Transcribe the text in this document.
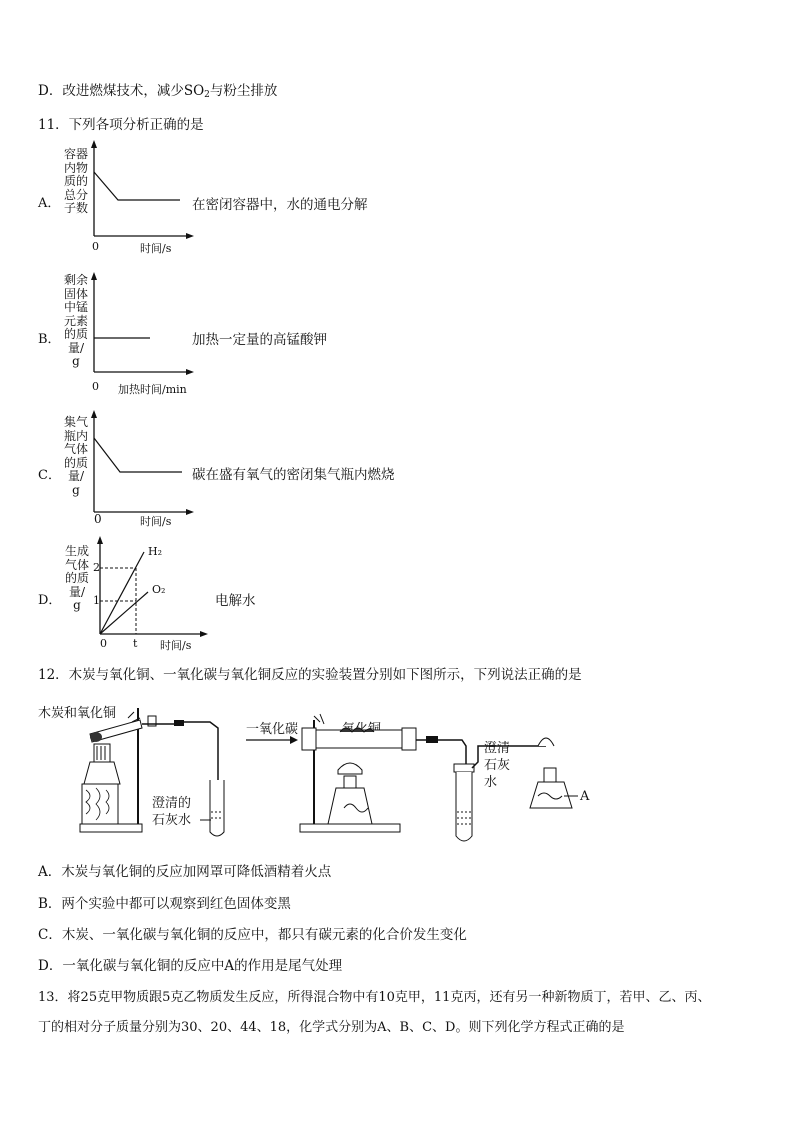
D．改进燃煤技术，减少$SO_2$与粉尘排放
11．下列各项分析正确的是
A．
容器
内物
质的
总分
子数
0	时间/s
在密闭容器中，水的通电分解
B．
剩余
固体
中锰
元素
的质
量/
g
0 加热时间/min
加热一定量的高锰酸钾
C．
集气
瓶内
气体
的质
量/
g
0	时间/s
碳在盛有氧气的密闭集气瓶内燃烧
D．
生成
气体
的质
量/
g
H₂
O₂
2
1
0 t 时间/s
电解水
12．木炭与氧化铜、一氧化碳与氧化铜反应的实验装置分别如下图所示，下列说法正确的是
木炭和氧化铜
澄清的
石灰水
一氧化碳
澄清
石灰
水
A
A．木炭与氧化铜的反应加网罩可降低酒精着火点
B．两个实验中都可以观察到红色固体变黑
C．木炭、一氧化碳与氧化铜的反应中，都只有碳元素的化合价发生变化
D．一氧化碳与氧化铜的反应中A的作用是尾气处理
13．将25克甲物质跟5克乙物质发生反应，所得混合物中有10克甲，11克丙，还有另一种新物质丁，若甲、乙、丙、
丁的相对分子质量分别为30、20、44、18，化学式分别为A、B、C、D。则下列化学方程式正确的是
